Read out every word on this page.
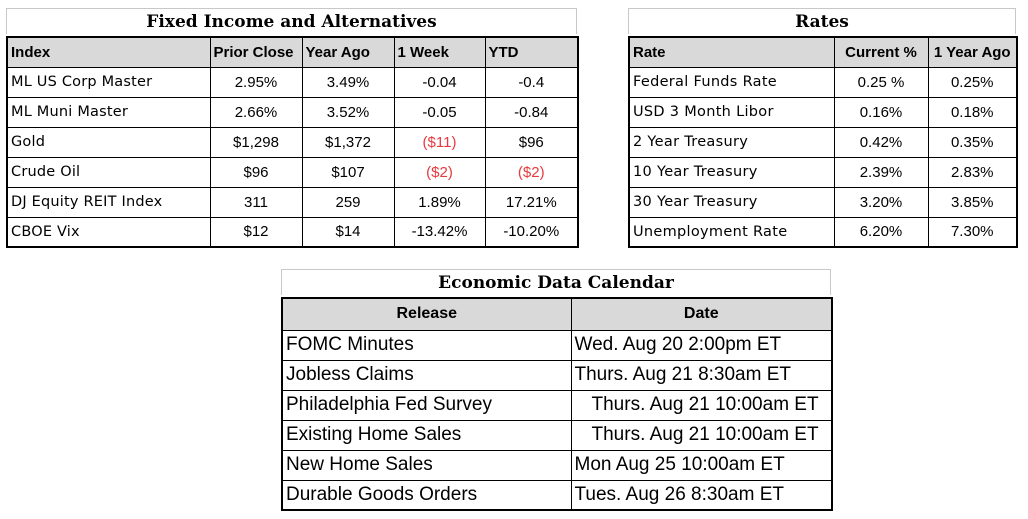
Fixed Income and Alternatives
Index	Prior Close	Year Ago	1 Week	YTD
ML US Corp Master	2.95%	3.49%	-0.04	-0.4
ML Muni Master	2.66%	3.52%	-0.05	-0.84
Gold	$1,298	$1,372	($11)	$96
Crude Oil	$96	$107	($2)	($2)
DJ Equity REIT Index	311	259	1.89%	17.21%
CBOE Vix	$12	$14	-13.42%	-10.20%
Rates
Rate	Current %	1 Year Ago
Federal Funds Rate	0.25 %	0.25%
USD 3 Month Libor	0.16%	0.18%
2 Year Treasury	0.42%	0.35%
10 Year Treasury	2.39%	2.83%
30 Year Treasury	3.20%	3.85%
Unemployment Rate	6.20%	7.30%
Economic Data Calendar
Release	Date
FOMC Minutes	Wed. Aug 20 2:00pm ET
Jobless Claims	Thurs. Aug 21 8:30am ET
Philadelphia Fed Survey	Thurs. Aug 21 10:00am ET
Existing Home Sales	Thurs. Aug 21 10:00am ET
New Home Sales	Mon Aug 25 10:00am ET
Durable Goods Orders	Tues. Aug 26 8:30am ET
